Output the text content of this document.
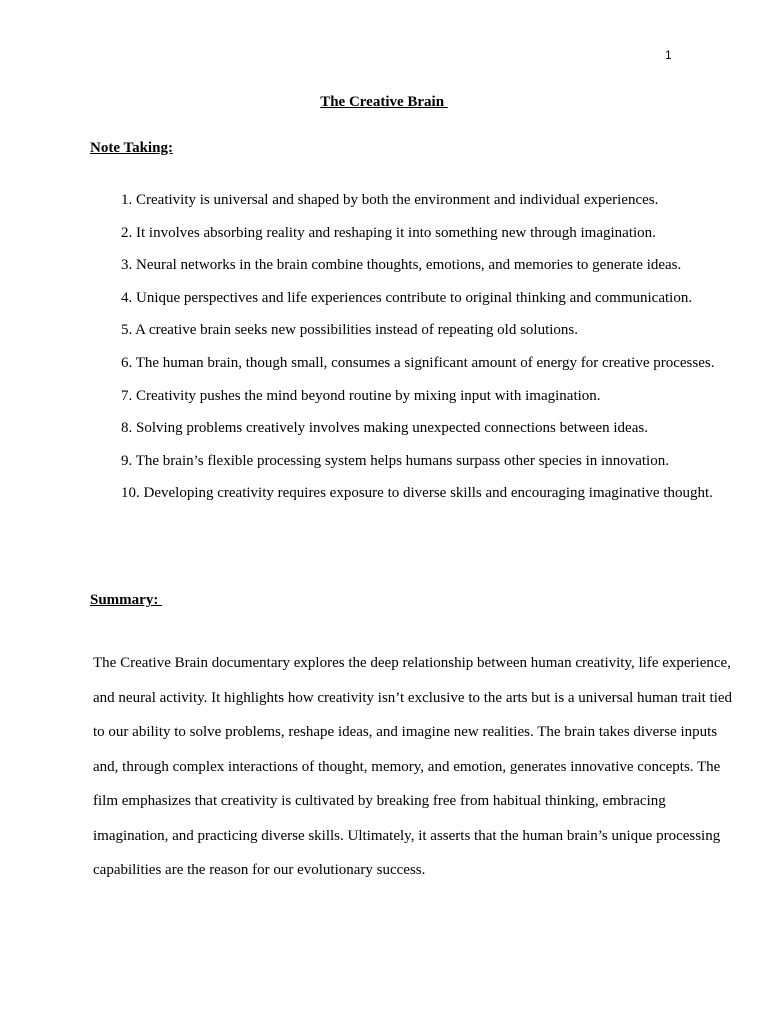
1
The Creative Brain
Note Taking:
1. Creativity is universal and shaped by both the environment and individual experiences.
2. It involves absorbing reality and reshaping it into something new through imagination.
3. Neural networks in the brain combine thoughts, emotions, and memories to generate ideas.
4. Unique perspectives and life experiences contribute to original thinking and communication.
5. A creative brain seeks new possibilities instead of repeating old solutions.
6. The human brain, though small, consumes a significant amount of energy for creative processes.
7. Creativity pushes the mind beyond routine by mixing input with imagination.
8. Solving problems creatively involves making unexpected connections between ideas.
9. The brain’s flexible processing system helps humans surpass other species in innovation.
10. Developing creativity requires exposure to diverse skills and encouraging imaginative thought.
Summary:

The Creative Brain documentary explores the deep relationship between human creativity, life experience,
and neural activity. It highlights how creativity isn’t exclusive to the arts but is a universal human trait tied
to our ability to solve problems, reshape ideas, and imagine new realities. The brain takes diverse inputs
and, through complex interactions of thought, memory, and emotion, generates innovative concepts. The
film emphasizes that creativity is cultivated by breaking free from habitual thinking, embracing
imagination, and practicing diverse skills. Ultimately, it asserts that the human brain’s unique processing
capabilities are the reason for our evolutionary success.
